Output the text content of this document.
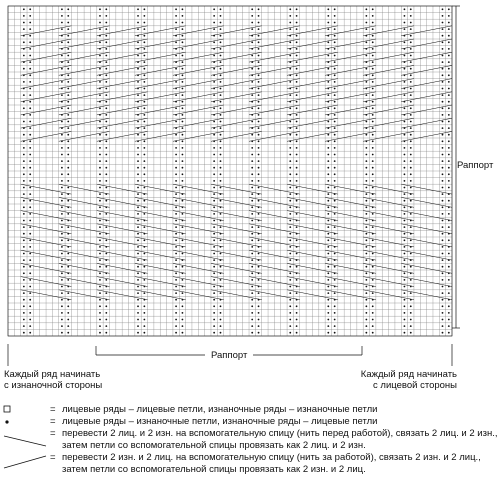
Раппорт
Раппорт
Каждый ряд начинать
с изнаночной стороны
Каждый ряд начинать
с лицевой стороны
= лицевые ряды – лицевые петли, изнаночные ряды – изнаночные петли
= лицевые ряды – изнаночные петли, изнаночные ряды – лицевые петли
= перевести 2 лиц. и 2 изн. на вспомогательную спицу (нить перед работой), связать 2 лиц. и 2 изн., затем петли со вспомогательной спицы провязать как 2 лиц. и 2 изн.
= перевести 2 изн. и 2 лиц. на вспомогательную спицу (нить за работой), связать 2 изн. и 2 лиц., затем петли со вспомогательной спицы провязать как 2 изн. и 2 лиц.
